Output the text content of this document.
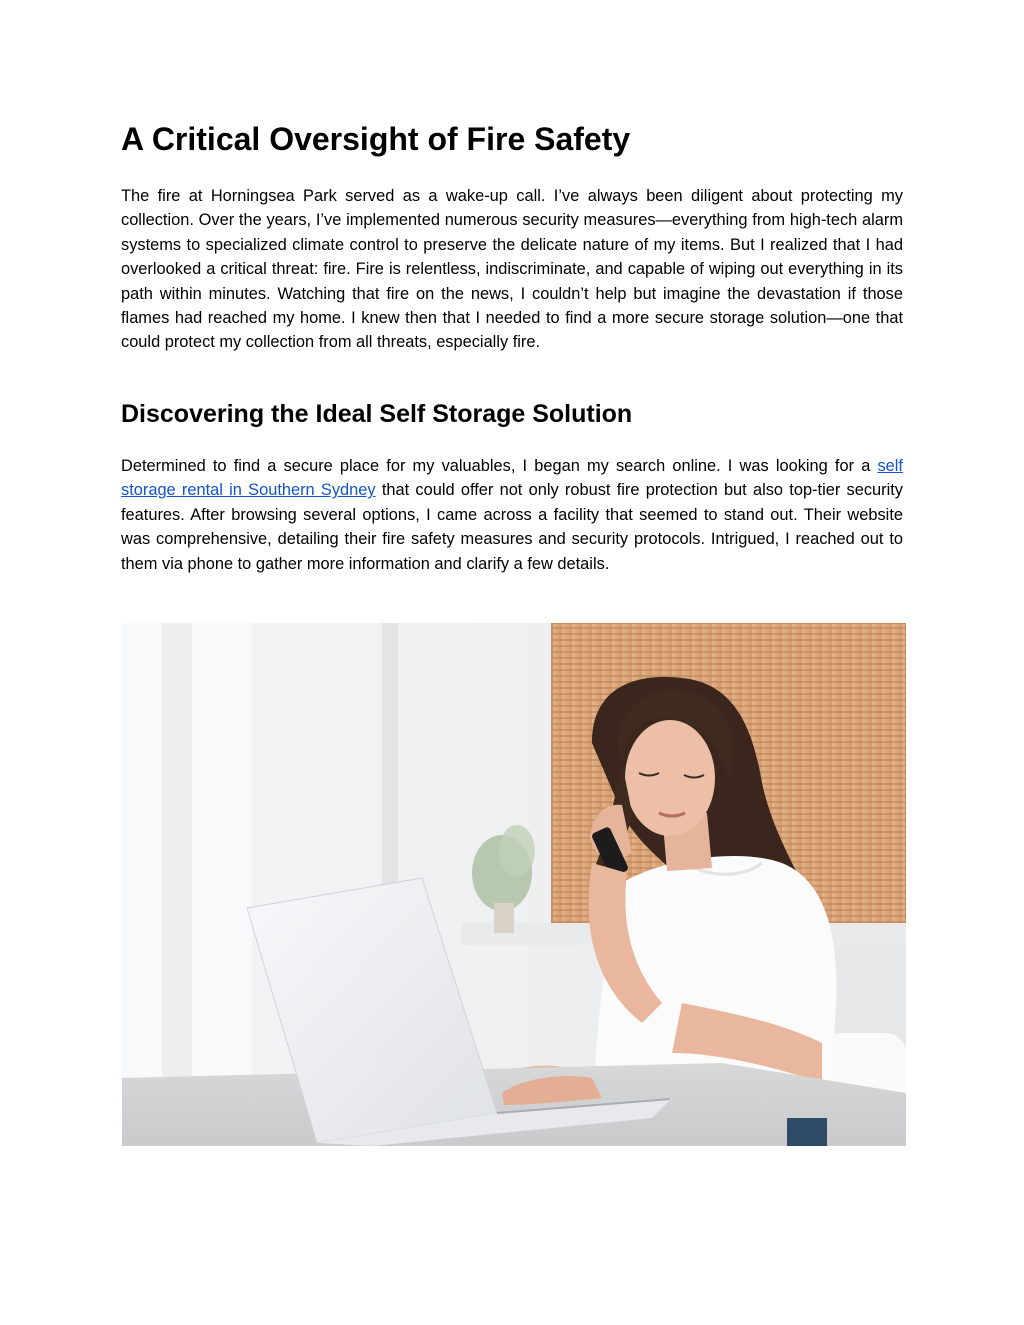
A Critical Oversight of Fire Safety

The fire at Horningsea Park served as a wake-up call. I’ve always been diligent about protecting my collection. Over the years, I’ve implemented numerous security measures—everything from high-tech alarm systems to specialized climate control to preserve the delicate nature of my items. But I realized that I had overlooked a critical threat: fire. Fire is relentless, indiscriminate, and capable of wiping out everything in its path within minutes. Watching that fire on the news, I couldn’t help but imagine the devastation if those flames had reached my home. I knew then that I needed to find a more secure storage solution—one that could protect my collection from all threats, especially fire.

Discovering the Ideal Self Storage Solution

Determined to find a secure place for my valuables, I began my search online. I was looking for a self storage rental in Southern Sydney that could offer not only robust fire protection but also top-tier security features. After browsing several options, I came across a facility that seemed to stand out. Their website was comprehensive, detailing their fire safety measures and security protocols. Intrigued, I reached out to them via phone to gather more information and clarify a few details.
